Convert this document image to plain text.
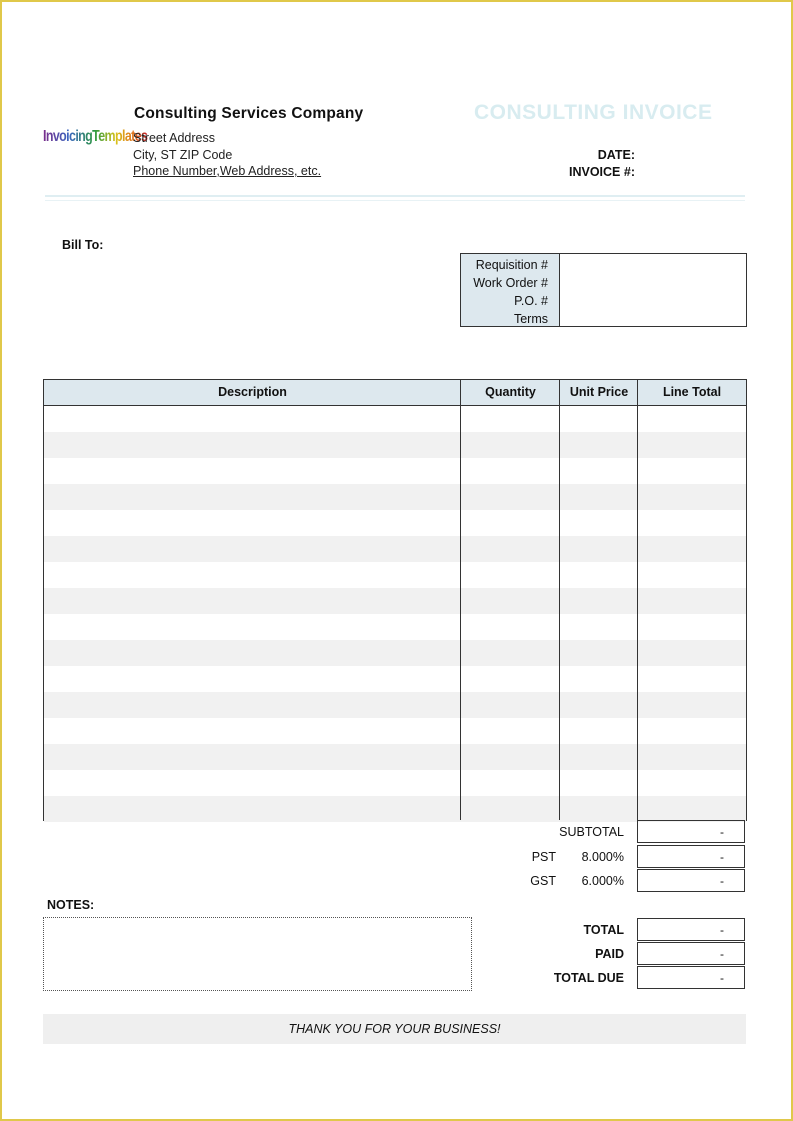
InvoicingTemplates
Consulting Services Company
Street Address
City, ST ZIP Code
Phone Number,Web Address, etc.
CONSULTING INVOICE
DATE:
INVOICE #:
Bill To:
Requisition #
Work Order #
P.O. #
Terms
Description	Quantity	Unit Price	Line Total
SUBTOTAL	-
PST	8.000%	-
GST	6.000%	-
NOTES:
TOTAL	-
PAID	-
TOTAL DUE	-
THANK YOU FOR YOUR BUSINESS!
